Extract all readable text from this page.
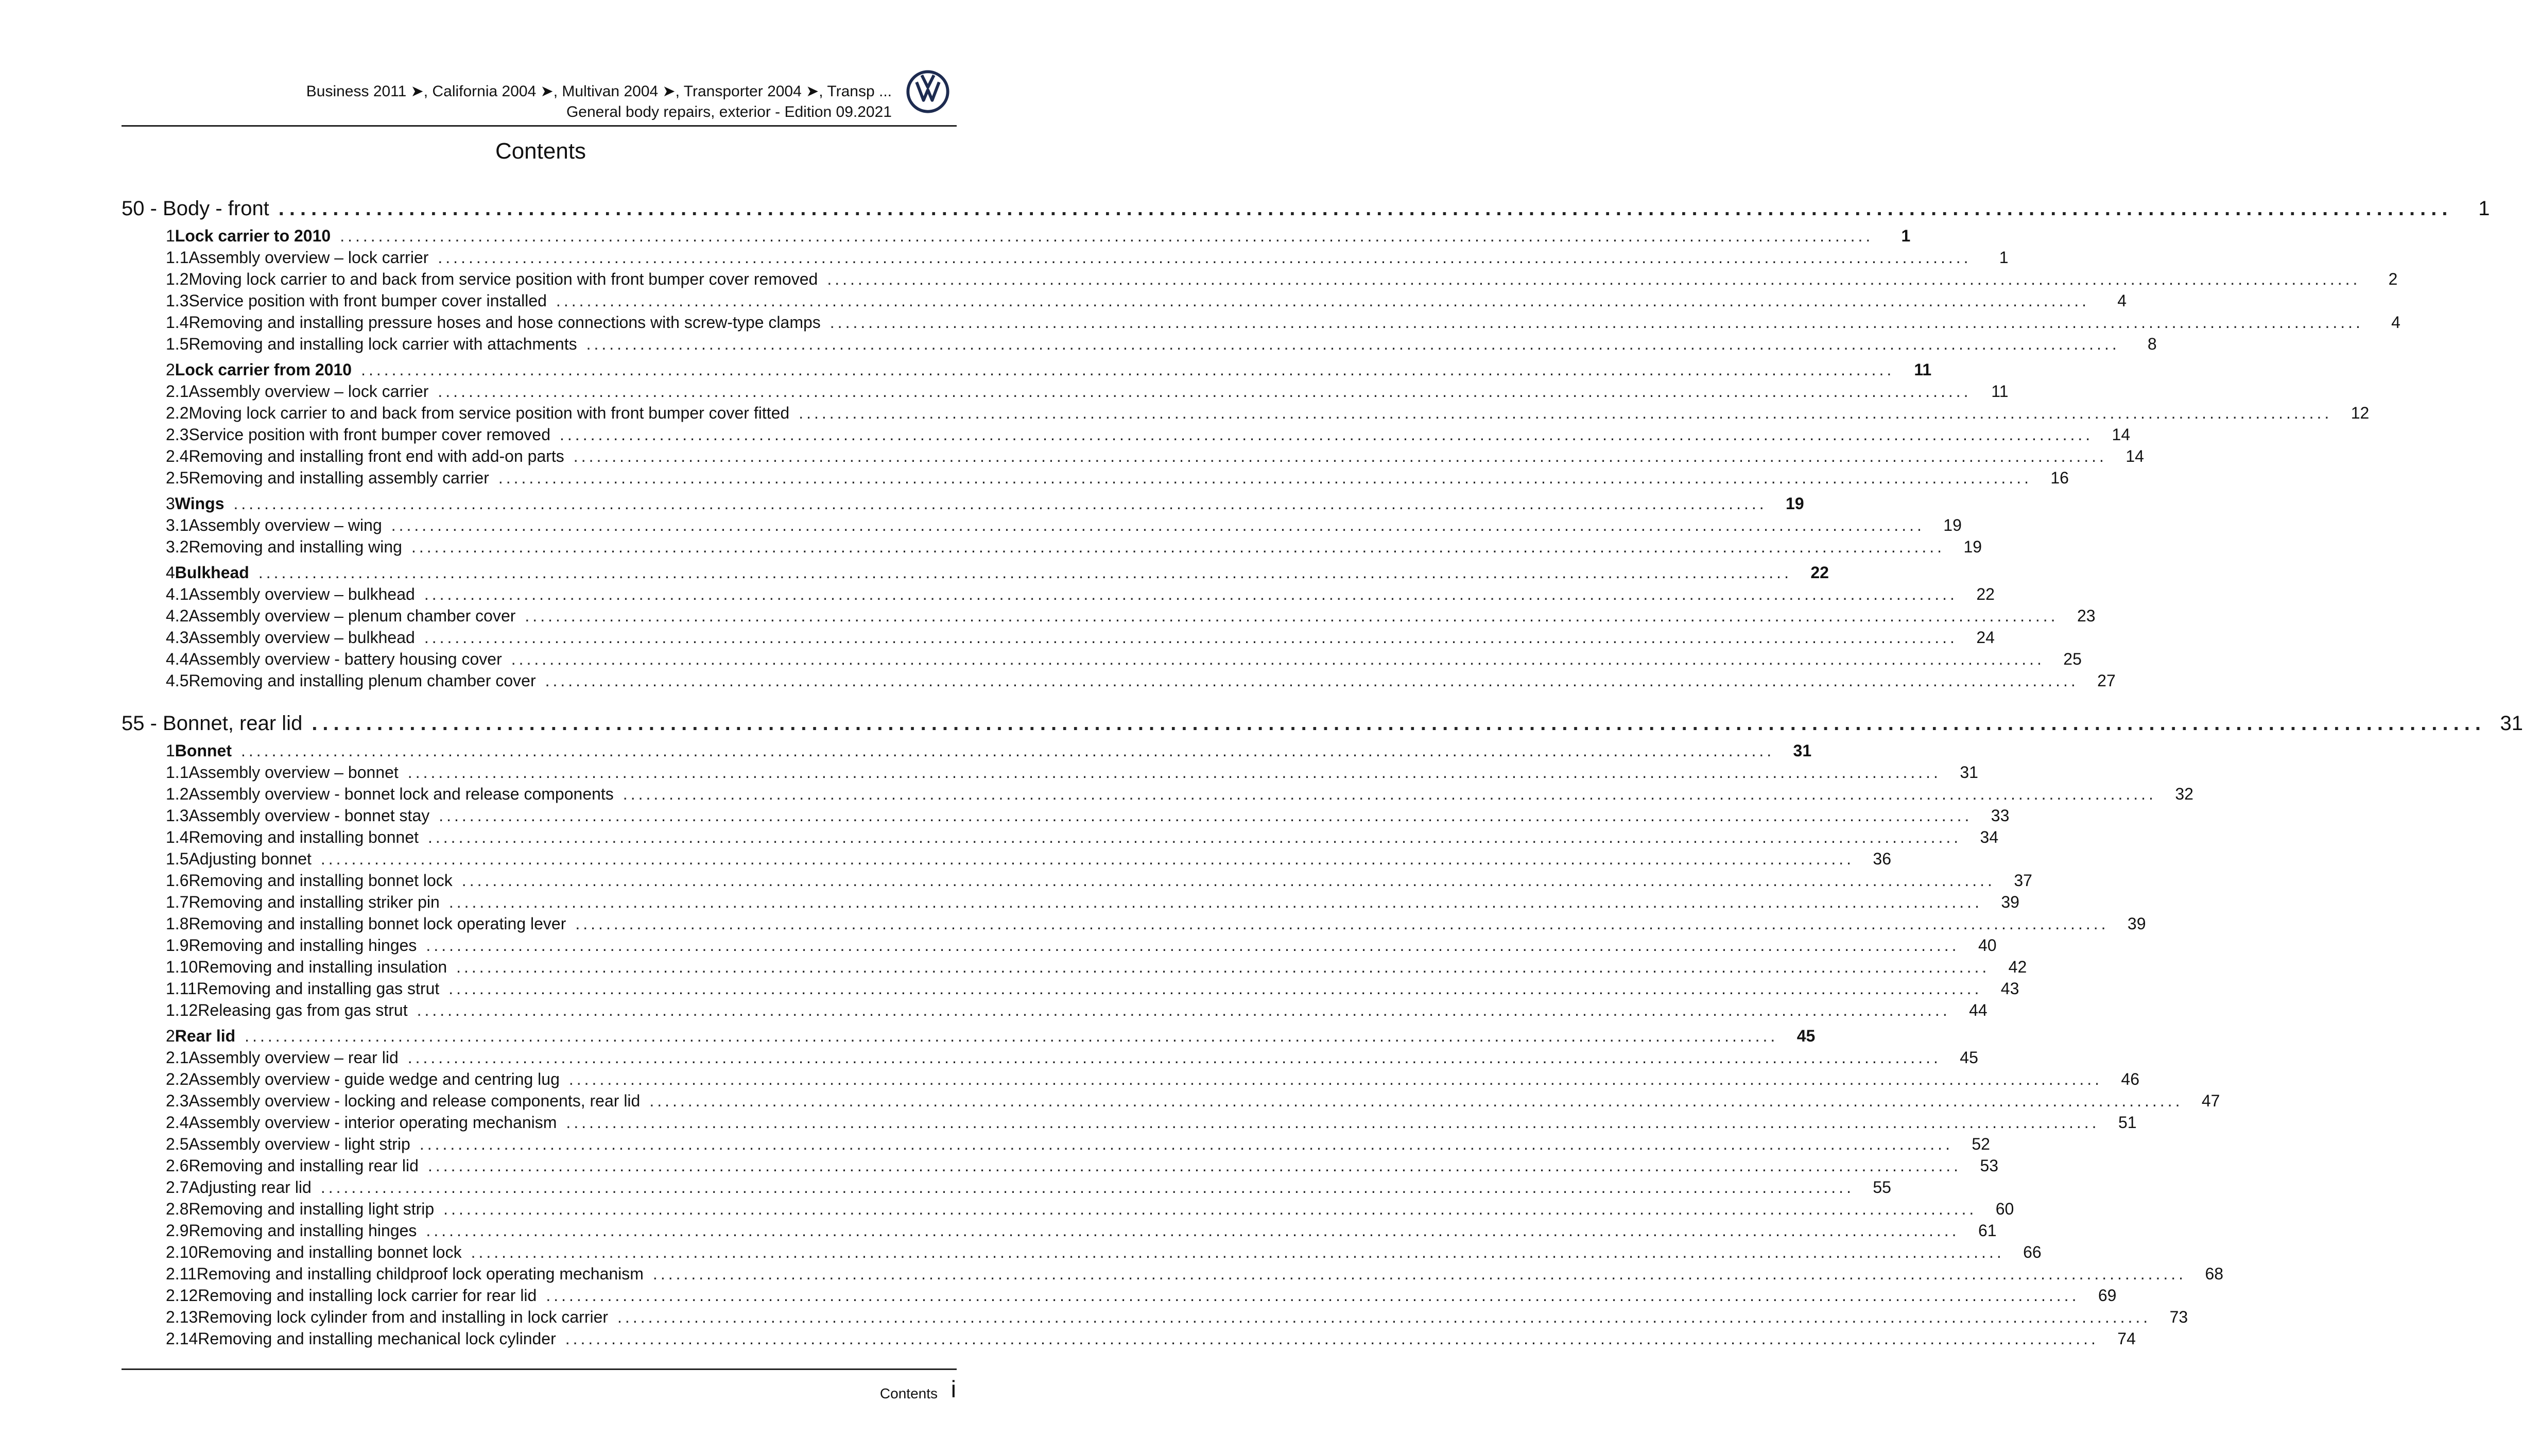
Business 2011 ➤, California 2004 ➤, Multivan 2004 ➤, Transporter 2004 ➤, Transp ...
General body repairs, exterior - Edition 09.2021
Contents
50 - Body - front ........................................................................................................................................................................................................	1
1 Lock carrier to 2010 ........................................................................................................................................................................................................	1
1.1 Assembly overview – lock carrier ........................................................................................................................................................................................................	1
1.2 Moving lock carrier to and back from service position with front bumper cover removed ........................................................................................................................................................................................................	2
1.3 Service position with front bumper cover installed ........................................................................................................................................................................................................	4
1.4 Removing and installing pressure hoses and hose connections with screw-type clamps ........................................................................................................................................................................................................	4
1.5 Removing and installing lock carrier with attachments ........................................................................................................................................................................................................	8
2 Lock carrier from 2010 ........................................................................................................................................................................................................	11
2.1 Assembly overview – lock carrier ........................................................................................................................................................................................................	11
2.2 Moving lock carrier to and back from service position with front bumper cover fitted ........................................................................................................................................................................................................	12
2.3 Service position with front bumper cover removed ........................................................................................................................................................................................................	14
2.4 Removing and installing front end with add-on parts ........................................................................................................................................................................................................	14
2.5 Removing and installing assembly carrier ........................................................................................................................................................................................................	16
3 Wings ........................................................................................................................................................................................................	19
3.1 Assembly overview – wing ........................................................................................................................................................................................................	19
3.2 Removing and installing wing ........................................................................................................................................................................................................	19
4 Bulkhead ........................................................................................................................................................................................................	22
4.1 Assembly overview – bulkhead ........................................................................................................................................................................................................	22
4.2 Assembly overview – plenum chamber cover ........................................................................................................................................................................................................	23
4.3 Assembly overview – bulkhead ........................................................................................................................................................................................................	24
4.4 Assembly overview - battery housing cover ........................................................................................................................................................................................................	25
4.5 Removing and installing plenum chamber cover ........................................................................................................................................................................................................	27
55 - Bonnet, rear lid ........................................................................................................................................................................................................ 31
1 Bonnet ........................................................................................................................................................................................................	31
1.1 Assembly overview – bonnet ........................................................................................................................................................................................................	31
1.2 Assembly overview - bonnet lock and release components ........................................................................................................................................................................................................	32
1.3 Assembly overview - bonnet stay ........................................................................................................................................................................................................	33
1.4 Removing and installing bonnet ........................................................................................................................................................................................................	34
1.5 Adjusting bonnet ........................................................................................................................................................................................................	36
1.6 Removing and installing bonnet lock ........................................................................................................................................................................................................	37
1.7 Removing and installing striker pin ........................................................................................................................................................................................................	39
1.8 Removing and installing bonnet lock operating lever ........................................................................................................................................................................................................	39
1.9 Removing and installing hinges ........................................................................................................................................................................................................	40
1.10 Removing and installing insulation ........................................................................................................................................................................................................	42
1.11 Removing and installing gas strut ........................................................................................................................................................................................................	43
1.12 Releasing gas from gas strut ........................................................................................................................................................................................................	44
2 Rear lid ........................................................................................................................................................................................................	45
2.1 Assembly overview – rear lid ........................................................................................................................................................................................................	45
2.2 Assembly overview - guide wedge and centring lug ........................................................................................................................................................................................................	46
2.3 Assembly overview - locking and release components, rear lid ........................................................................................................................................................................................................	47
2.4 Assembly overview - interior operating mechanism ........................................................................................................................................................................................................	51
2.5 Assembly overview - light strip ........................................................................................................................................................................................................	52
2.6 Removing and installing rear lid ........................................................................................................................................................................................................	53
2.7 Adjusting rear lid ........................................................................................................................................................................................................	55
2.8 Removing and installing light strip ........................................................................................................................................................................................................	60
2.9 Removing and installing hinges ........................................................................................................................................................................................................	61
2.10 Removing and installing bonnet lock ........................................................................................................................................................................................................	66
2.11 Removing and installing childproof lock operating mechanism ........................................................................................................................................................................................................	68
2.12 Removing and installing lock carrier for rear lid ........................................................................................................................................................................................................	69
2.13 Removing lock cylinder from and installing in lock carrier ........................................................................................................................................................................................................	73
2.14 Removing and installing mechanical lock cylinder ........................................................................................................................................................................................................	74
Contents i
